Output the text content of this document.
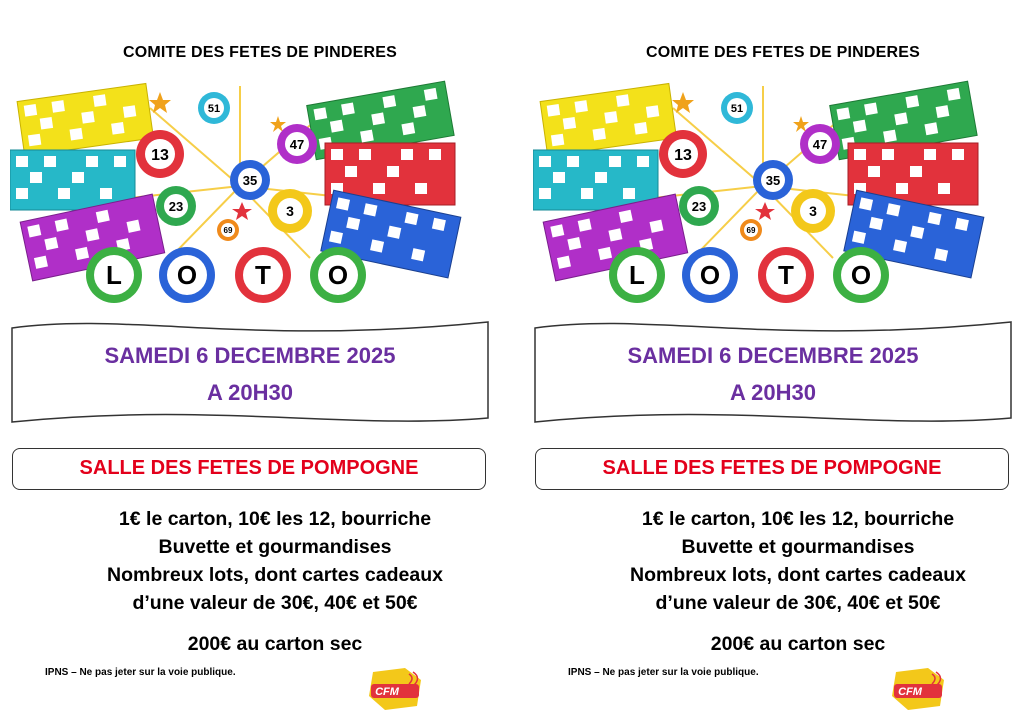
COMITE DES FETES DE PINDERES
51
13
47
35
23	3
69
L O T O
SAMEDI 6 DECEMBRE 2025
A 20H30
SALLE DES FETES DE POMPOGNE
1€ le carton, 10€ les 12, bourriche
Buvette et gourmandises
Nombreux lots, dont cartes cadeaux
d’une valeur de 30€, 40€ et 50€
200€ au carton sec
IPNS – Ne pas jeter sur la voie publique.
CFM
COMITE DES FETES DE PINDERES
51
13
47
35
23	3
69
L O T O
SAMEDI 6 DECEMBRE 2025
A 20H30
SALLE DES FETES DE POMPOGNE
1€ le carton, 10€ les 12, bourriche
Buvette et gourmandises
Nombreux lots, dont cartes cadeaux
d’une valeur de 30€, 40€ et 50€
200€ au carton sec
IPNS – Ne pas jeter sur la voie publique.
CFM
